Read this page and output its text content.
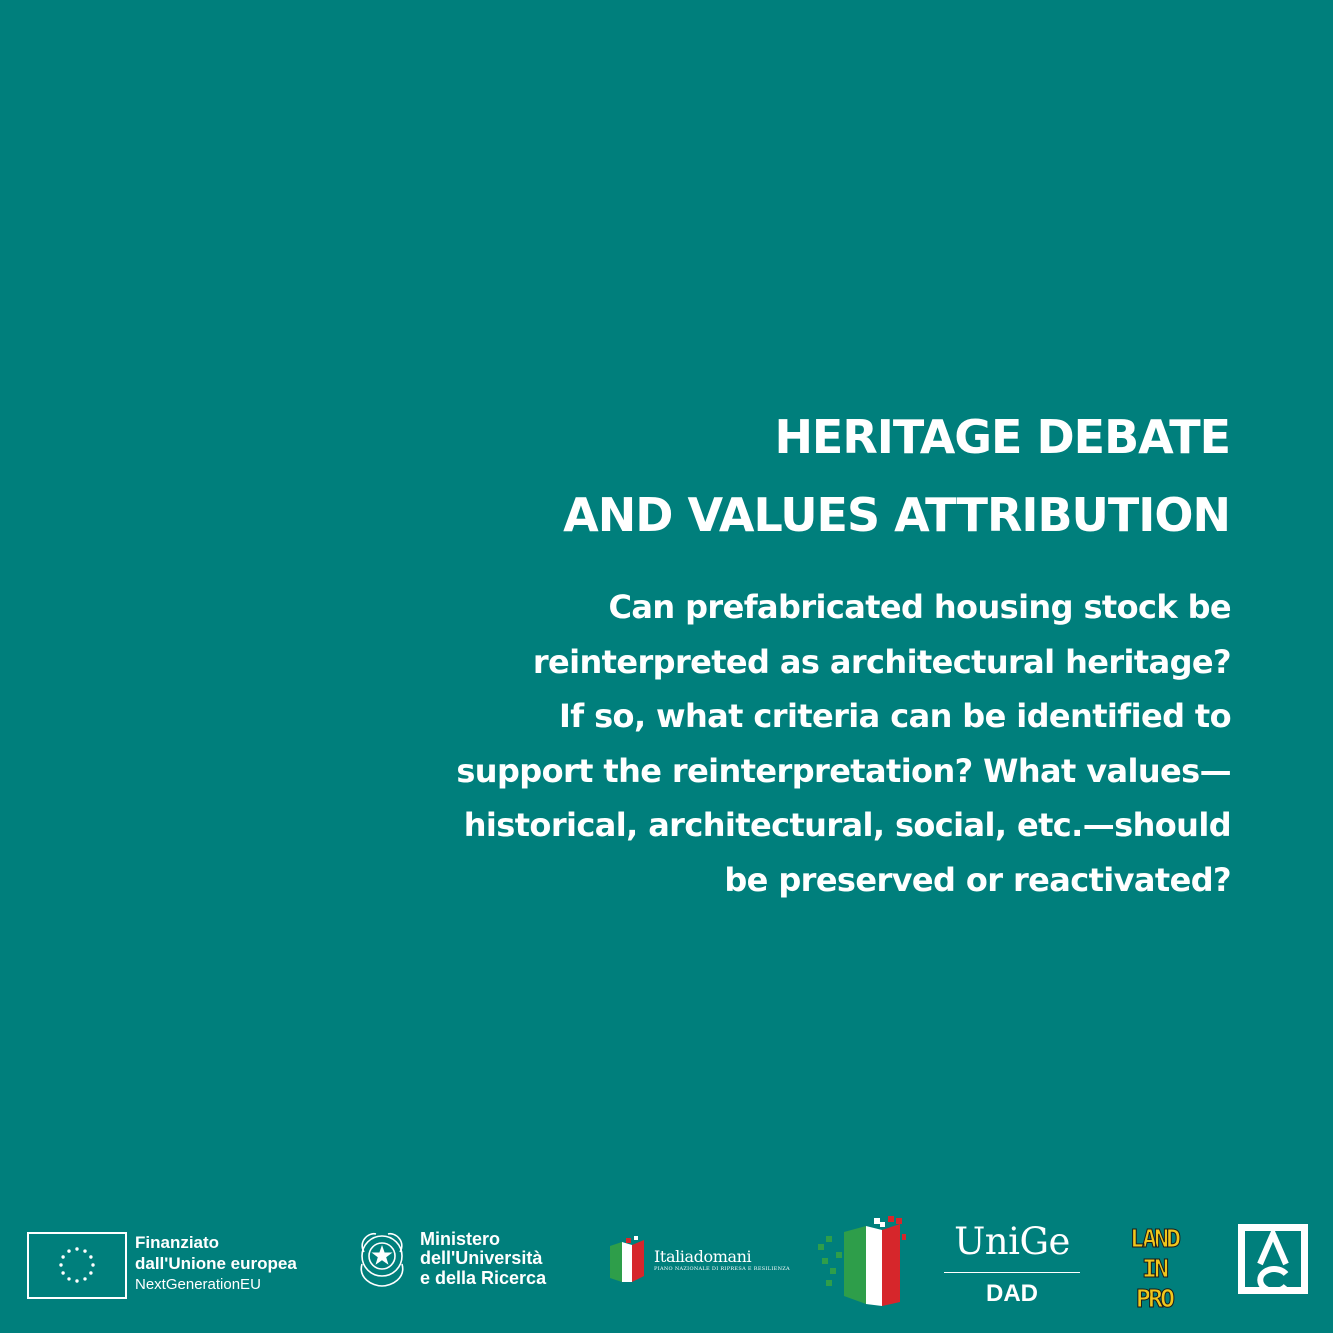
HERITAGE DEBATE
AND VALUES ATTRIBUTION
Can prefabricated housing stock be
reinterpreted as architectural heritage?
If so, what criteria can be identified to
support the reinterpretation? What values—
historical, architectural, social, etc.—should
be preserved or reactivated?
Finanziato
dall'Unione europea
NextGenerationEU
Ministero
dell'Università
e della Ricerca
Italiadomani
PIANO NAZIONALE DI RIPRESA E RESILIENZA
UniGe
DAD
LAND
IN
PRO
